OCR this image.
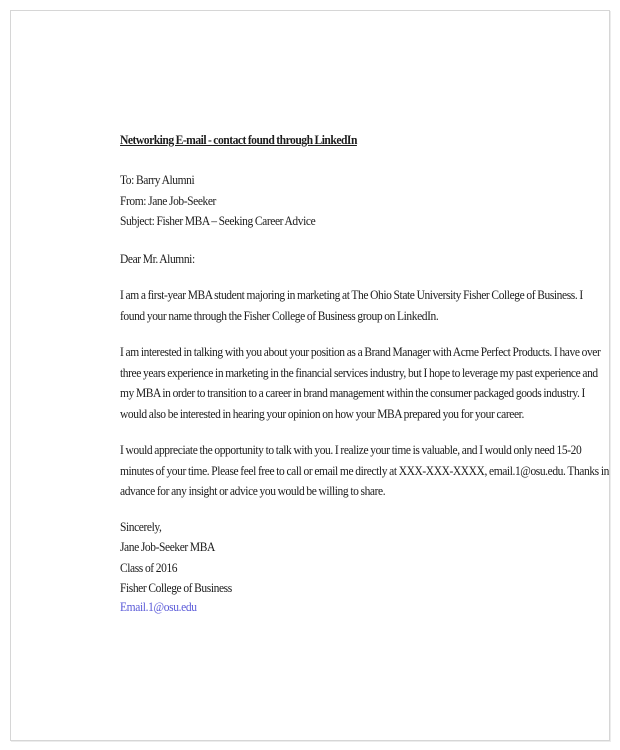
Networking E-mail - contact found through LinkedIn
To: Barry Alumni
From: Jane Job-Seeker
Subject: Fisher MBA – Seeking Career Advice
Dear Mr. Alumni:
I am a first-year MBA student majoring in marketing at The Ohio State University Fisher College of Business. I
found your name through the Fisher College of Business group on LinkedIn.
I am interested in talking with you about your position as a Brand Manager with Acme Perfect Products. I have over
three years experience in marketing in the financial services industry, but I hope to leverage my past experience and
my MBA in order to transition to a career in brand management within the consumer packaged goods industry. I
would also be interested in hearing your opinion on how your MBA prepared you for your career.
I would appreciate the opportunity to talk with you. I realize your time is valuable, and I would only need 15-20
minutes of your time. Please feel free to call or email me directly at XXX-XXX-XXXX, email.1@osu.edu. Thanks in
advance for any insight or advice you would be willing to share.
Sincerely,
Jane Job-Seeker MBA
Class of 2016
Fisher College of Business
Email.1@osu.edu
